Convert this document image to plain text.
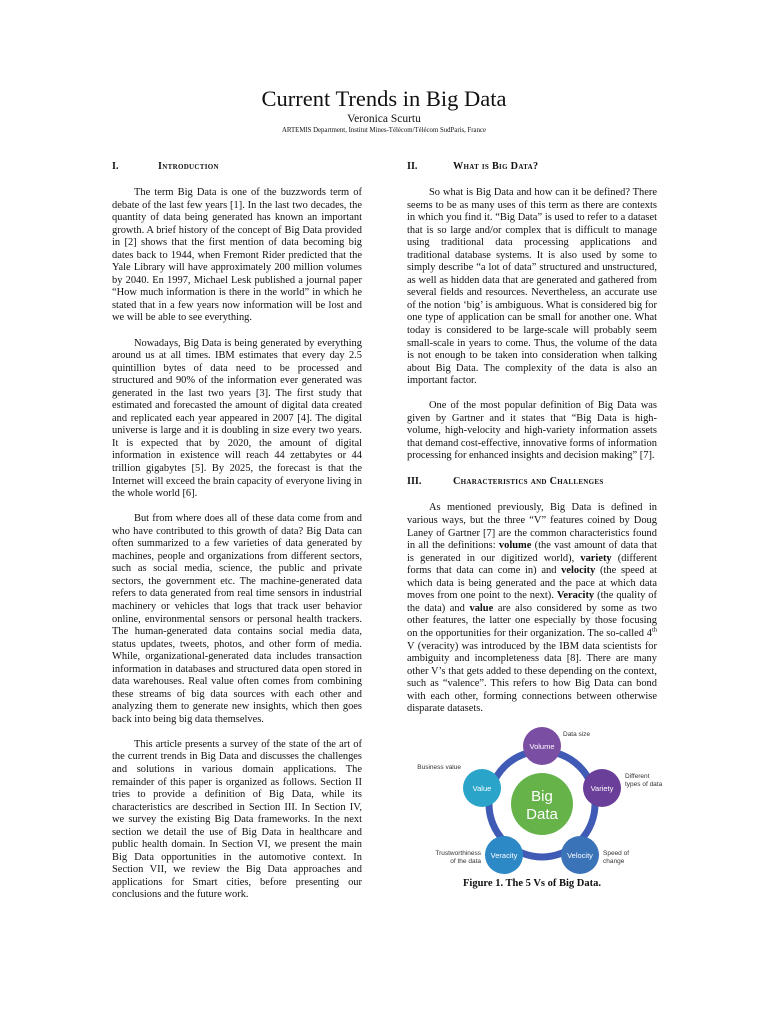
Current Trends in Big Data
Veronica Scurtu
ARTEMIS Department, Institut Mines-Télécom/Télécom SudParis, France
I.	Introduction

The term Big Data is one of the buzzwords term of debate of the last few years [1]. In the last two decades, the quantity of data being generated has known an important growth. A brief history of the concept of Big Data provided in [2] shows that the first mention of data becoming big dates back to 1944, when Fremont Rider predicted that the Yale Library will have approximately 200 million volumes by 2040. En 1997, Michael Lesk published a journal paper “How much information is there in the world” in which he stated that in a few years now information will be lost and we will be able to see everything.

Nowadays, Big Data is being generated by everything around us at all times. IBM estimates that every day 2.5 quintillion bytes of data need to be processed and structured and 90% of the information ever generated was generated in the last two years [3]. The first study that estimated and forecasted the amount of digital data created and replicated each year appeared in 2007 [4]. The digital universe is large and it is doubling in size every two years. It is expected that by 2020, the amount of digital information in existence will reach 44 zettabytes or 44 trillion gigabytes [5]. By 2025, the forecast is that the Internet will exceed the brain capacity of everyone living in the whole world [6].

But from where does all of these data come from and who have contributed to this growth of data? Big Data can often summarized to a few varieties of data generated by machines, people and organizations from different sectors, such as social media, science, the public and private sectors, the government etc. The machine-generated data refers to data generated from real time sensors in industrial machinery or vehicles that logs that track user behavior online, environmental sensors or personal health trackers. The human-generated data contains social media data, status updates, tweets, photos, and other form of media. While, organizational-generated data includes transaction information in databases and structured data open stored in data warehouses. Real value often comes from combining these streams of big data sources with each other and analyzing them to generate new insights, which then goes back into being big data themselves.

This article presents a survey of the state of the art of the current trends in Big Data and discusses the challenges and solutions in various domain applications. The remainder of this paper is organized as follows. Section II tries to provide a definition of Big Data, while its characteristics are described in Section III. In Section IV, we survey the existing Big Data frameworks. In the next section we detail the use of Big Data in healthcare and public health domain. In Section VI, we present the main Big Data opportunities in the automotive context. In Section VII, we review the Big Data approaches and applications for Smart cities, before presenting our conclusions and the future work.

II.	What is Big Data?

So what is Big Data and how can it be defined? There seems to be as many uses of this term as there are contexts in which you find it. “Big Data” is used to refer to a dataset that is so large and/or complex that is difficult to manage using traditional data processing applications and traditional database systems. It is also used by some to simply describe “a lot of data” structured and unstructured, as well as hidden data that are generated and gathered from several fields and resources. Nevertheless, an accurate use of the notion ‘big’ is ambiguous. What is considered big for one type of application can be small for another one. What today is considered to be large-scale will probably seem small-scale in years to come. Thus, the volume of the data is not enough to be taken into consideration when talking about Big Data. The complexity of the data is also an important factor.

One of the most popular definition of Big Data was given by Gartner and it states that “Big Data is high-volume, high-velocity and high-variety information assets that demand cost-effective, innovative forms of information processing for enhanced insights and decision making” [7].

III.	Characteristics and Challenges

As mentioned previously, Big Data is defined in various ways, but the three “V” features coined by Doug Laney of Gartner [7] are the common characteristics found in all the definitions: volume (the vast amount of data that is generated in our digitized world), variety (different forms that data can come in) and velocity (the speed at which data is being generated and the pace at which data moves from one point to the next). Veracity (the quality of the data) and value are also considered by some as two other features, the latter one especially by those focusing on the opportunities for their organization. The so-called 4th V (veracity) was introduced by the IBM data scientists for ambiguity and incompleteness data [8]. There are many other V’s that gets added to these depending on the context, such as “valence”. This refers to how Big Data can bond with each other, forming connections between otherwise disparate datasets.

Big
Data
Volume
Variety
Velocity
Veracity
Value
Data size
Different
types of data
Speed of
change
Trustworthiness
of the data
Business value
Figure 1. The 5 Vs of Big Data.
